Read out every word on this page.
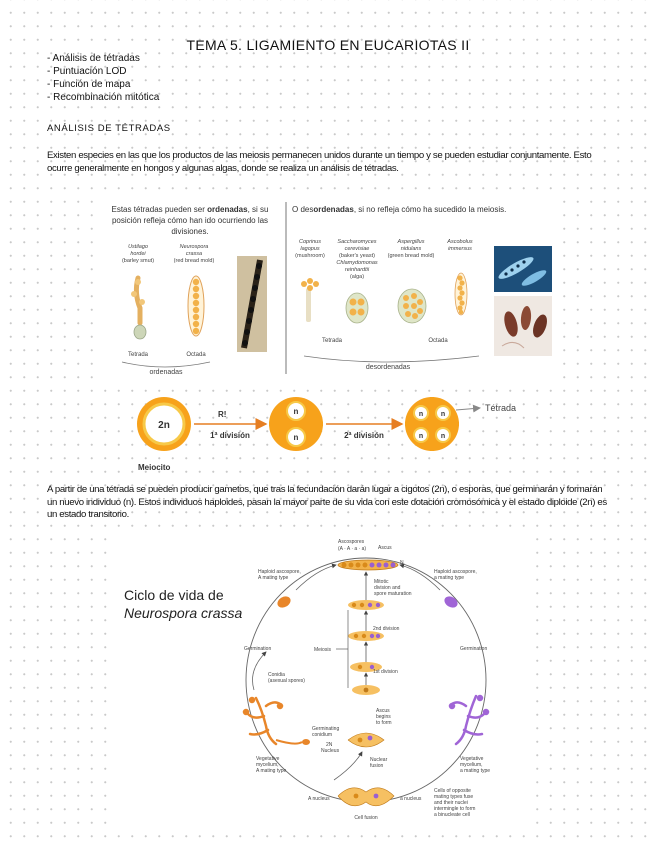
TEMA 5. LIGAMIENTO EN EUCARIOTAS II
- Análisis de tétradas
- Puntuación LOD
- Función de mapa
- Recombinación mitótica
ANÁLISIS DE TÉTRADAS
Existen especies en las que los productos de las meiosis permanecen unidos durante un tiempo y se pueden estudiar conjuntamente. Esto ocurre generalmente en hongos y algunas algas, donde se realiza un análisis de tétradas.
Estas tétradas pueden ser ordenadas, si su
posición refleja cómo han ido ocurriendo las
divisiones.
O desordenadas, si no refleja cómo ha sucedido la meiosis.
Ustilago
hordei
Neurospora
crassa
Coprinus
lagopus
Saccharomyces
cerevisiae
Chlamydomonas
reinhardtii
Aspergillus
nidulans
Ascobolus
immersus
(barley smut)	(red bread mold)
(mushroom)	(baker's yeast)
(alga)
(green bread mold)
Tetrada	Octada
ordenadas
Tetrada	Octada
desordenadas
2n
R!
1ª división
n
n	2ª división
n	n
n	n
Tétrada
Meiocito
A partir de una tétrada se pueden producir gametos, que tras la fecundación darán lugar a cigotos (2n), o esporas, que germinarán y formarán un nuevo individuo (n). Estos individuos haploides, pasan la mayor parte de su vida con este dotación cromosómica y el estado diploide (2n) es un estado transitorio.
Ciclo de vida de
Neurospora crassa
Ascospores
(A · A · a · a) Ascus
N
Haploid ascospore,
A mating type
Haploid ascospore,
a mating type
Mitotic
division and
spore maturation
2nd division
Meiosis
1st division
Germination	Germination
Conidia
(asexual spores)
2N
Nucleus
Ascus
begins
to form
Germinating
conidium
Nuclear
fusion
Vegetative
mycelium,
A mating type
Vegetative
mycelium,
a mating type
A nucleus	a nucleus
Cell fusion
Cells of opposite
mating types fuse
and their nuclei
intermingle to form
a binucleate cell
